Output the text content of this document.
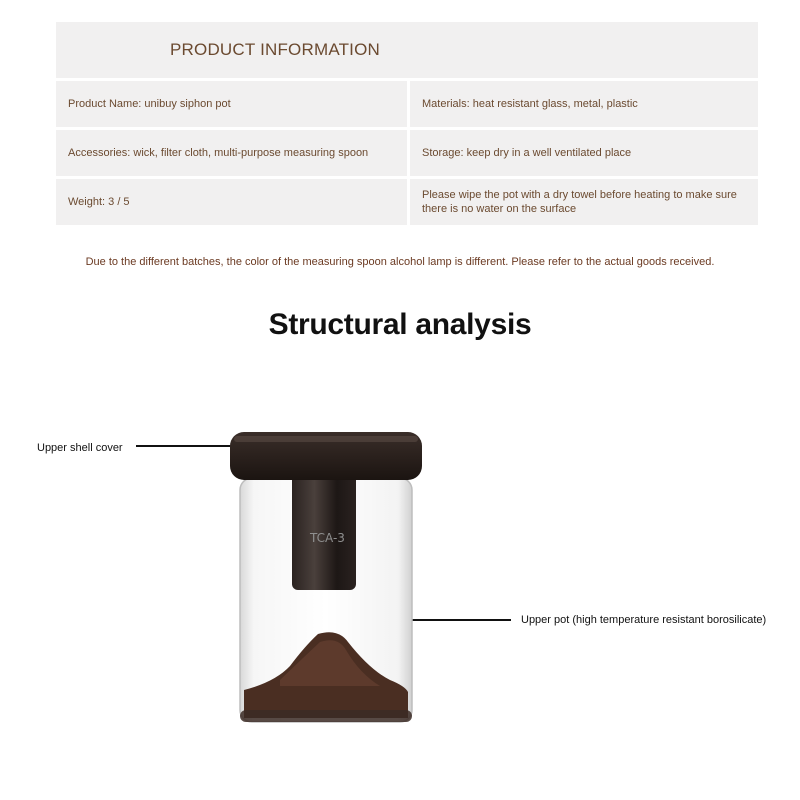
PRODUCT INFORMATION
Product Name: unibuy siphon pot	Materials: heat resistant glass, metal, plastic
Accessories: wick, filter cloth, multi-purpose measuring spoon	Storage: keep dry in a well ventilated place
Weight: 3 / 5
Please wipe the pot with a dry towel before heating to make sure there is no water on the surface
Due to the different batches, the color of the measuring spoon alcohol lamp is different. Please refer to the actual goods received.
Structural analysis
Upper shell cover
Upper pot (high temperature resistant borosilicate)
TCA-3
